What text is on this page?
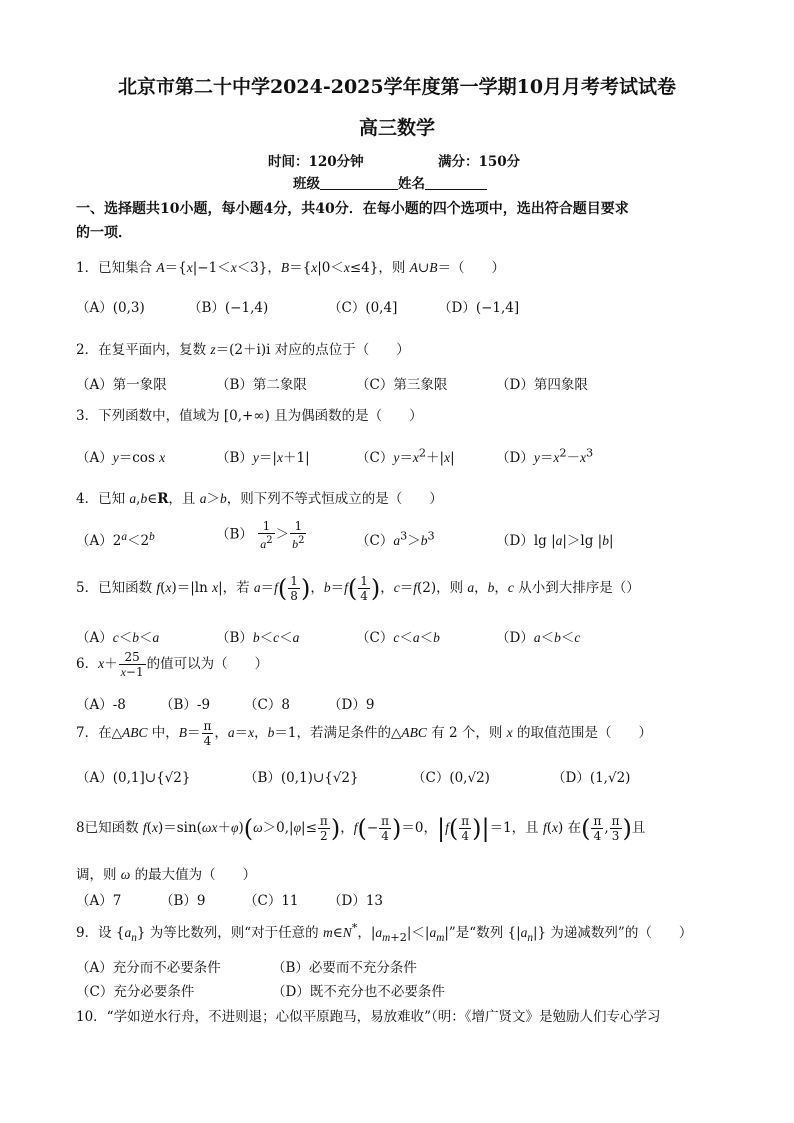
北京市第二十中学2024-2025学年度第一学期10月月考考试试卷
高三数学
时间：120分钟	满分：150分
班级	姓名
一、选择题共10小题，每小题4分，共40分．在每小题的四个选项中，选出符合题目要求
的一项．
1．已知集合 A＝{x|−1＜x＜3}，B＝{x|0＜x≤4}，则 A∪B＝（　　）
（A）(0,3)	（B）(−1,4)	（C）(0,4]	（D）(−1,4]
2．在复平面内，复数 z＝(2＋i)i 对应的点位于（　　）
（A）第一象限	（B）第二象限	（C）第三象限	（D）第四象限
3．下列函数中，值域为 [0,+∞) 且为偶函数的是（　　）
（A）y＝cos x	（B）y＝|x＋1|	$(C)y=x^2+|x|$	$(D)y=x^2-x^3$
4．已知 a,b∈R，且 a＞b，则下列不等式恒成立的是（　　）
$(A)2^a<2^b$	$(B) \frac{1}{a^2} > \frac{1}{b^2}$	$(C)a^3>b^3$	（D）lg |a|＞lg |b|
5．已知函数 f(x)＝|ln x|，若 $a=f( \frac{1}{8}$ )，$b=f( \frac{1}{4}$ )，c＝f(2)，则 a，b，c 从小到大排序是（）
（A）c＜b＜a	（B）b＜c＜a	（C）c＜a＜b	（D）a＜b＜c
6．$x+ \frac{25}{x-1}$ 的值可以为（　　）
（A）-8	（B）-9	（C）8	（D）9
7．在△ABC 中，$B= \frac{\pi}{4}$ ，a＝x，b＝1，若满足条件的△ABC 有 2 个，则 x 的取值范围是（　　）
（A）(0,1]∪{√2}	（B）(0,1)∪{√2}	（C）(0,√2)	（D）(1,√2)
8已知函数 $f(x)=\sin(\omega x+\varphi)(\omega>0,|\varphi|\le \frac{\pi}{2}$ )，$f(- \frac{\pi}{4} )=0$，$|f( \frac{\pi}{4} )|=1$，且 f(x) 在( $\frac{\pi}{4}$ , $\frac{\pi}{3}$ )且
调，则 ω 的最大值为（　　）
（A）7	（B）9	（C）11 （D）13
9．设 $\{a_n\}$ 为等比数列，则“对于任意的 m∈N*，$|a_{m+2}|<|a_m|$”是“数列 $\{|a_n|\}$ 为递减数列”的（　　）
（A）充分而不必要条件	（B）必要而不充分条件
（C）充分必要条件	（D）既不充分也不必要条件
10．“学如逆水行舟，不进则退；心似平原跑马，易放难收”（明：《增广贤文》是勉励人们专心学习
